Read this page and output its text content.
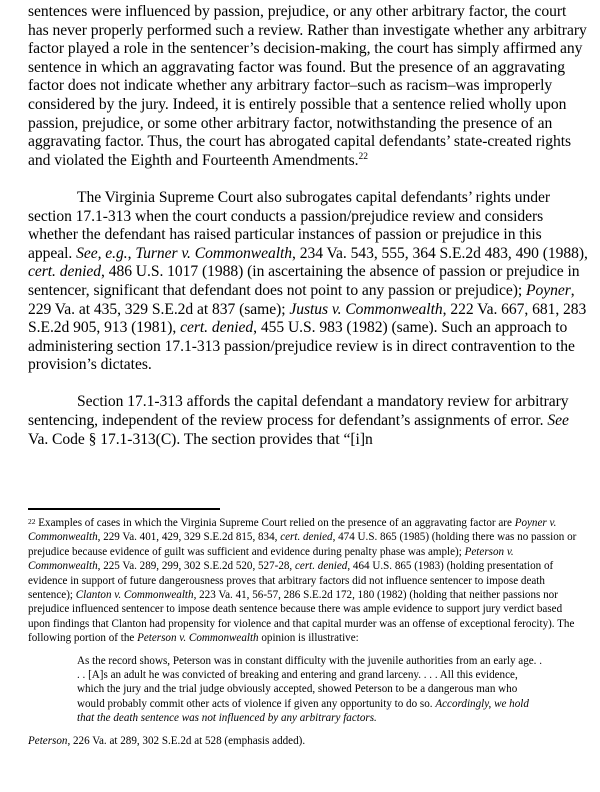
sentences were influenced by passion, prejudice, or any other arbitrary factor, the court has never properly performed such a review. Rather than investigate whether any arbitrary factor played a role in the sentencer’s decision-making, the court has simply affirmed any sentence in which an aggravating factor was found. But the presence of an aggravating factor does not indicate whether any arbitrary factor–such as racism–was improperly considered by the jury. Indeed, it is entirely possible that a sentence relied wholly upon passion, prejudice, or some other arbitrary factor, notwithstanding the presence of an aggravating factor. Thus, the court has abrogated capital defendants’ state-created rights and violated the Eighth and Fourteenth Amendments.$^{22}$

The Virginia Supreme Court also subrogates capital defendants’ rights under section 17.1-313 when the court conducts a passion/prejudice review and considers whether the defendant has raised particular instances of passion or prejudice in this appeal. See, e.g., Turner v. Commonwealth, 234 Va. 543, 555, 364 S.E.2d 483, 490 (1988), cert. denied, 486 U.S. 1017 (1988) (in ascertaining the absence of passion or prejudice in sentencer, significant that defendant does not point to any passion or prejudice); Poyner, 229 Va. at 435, 329 S.E.2d at 837 (same); Justus v. Commonwealth, 222 Va. 667, 681, 283 S.E.2d 905, 913 (1981), cert. denied, 455 U.S. 983 (1982) (same). Such an approach to administering section 17.1-313 passion/prejudice review is in direct contravention to the provision’s dictates.

Section 17.1-313 affords the capital defendant a mandatory review for arbitrary sentencing, independent of the review process for defendant’s assignments of error. See Va. Code § 17.1-313(C). The section provides that “[i]n

$^{22}$ Examples of cases in which the Virginia Supreme Court relied on the presence of an aggravating factor are Poyner v. Commonwealth, 229 Va. 401, 429, 329 S.E.2d 815, 834, cert. denied, 474 U.S. 865 (1985) (holding there was no passion or prejudice because evidence of guilt was sufficient and evidence during penalty phase was ample); Peterson v. Commonwealth, 225 Va. 289, 299, 302 S.E.2d 520, 527-28, cert. denied, 464 U.S. 865 (1983) (holding presentation of evidence in support of future dangerousness proves that arbitrary factors did not influence sentencer to impose death sentence); Clanton v. Commonwealth, 223 Va. 41, 56-57, 286 S.E.2d 172, 180 (1982) (holding that neither passions nor prejudice influenced sentencer to impose death sentence because there was ample evidence to support jury verdict based upon findings that Clanton had propensity for violence and that capital murder was an offense of exceptional ferocity). The following portion of the Peterson v. Commonwealth opinion is illustrative:

As the record shows, Peterson was in constant difficulty with the juvenile authorities from an early age. . . . [A]s an adult he was convicted of breaking and entering and grand larceny. . . . All this evidence, which the jury and the trial judge obviously accepted, showed Peterson to be a dangerous man who would probably commit other acts of violence if given any opportunity to do so. Accordingly, we hold that the death sentence was not influenced by any arbitrary factors.

Peterson, 226 Va. at 289, 302 S.E.2d at 528 (emphasis added).
